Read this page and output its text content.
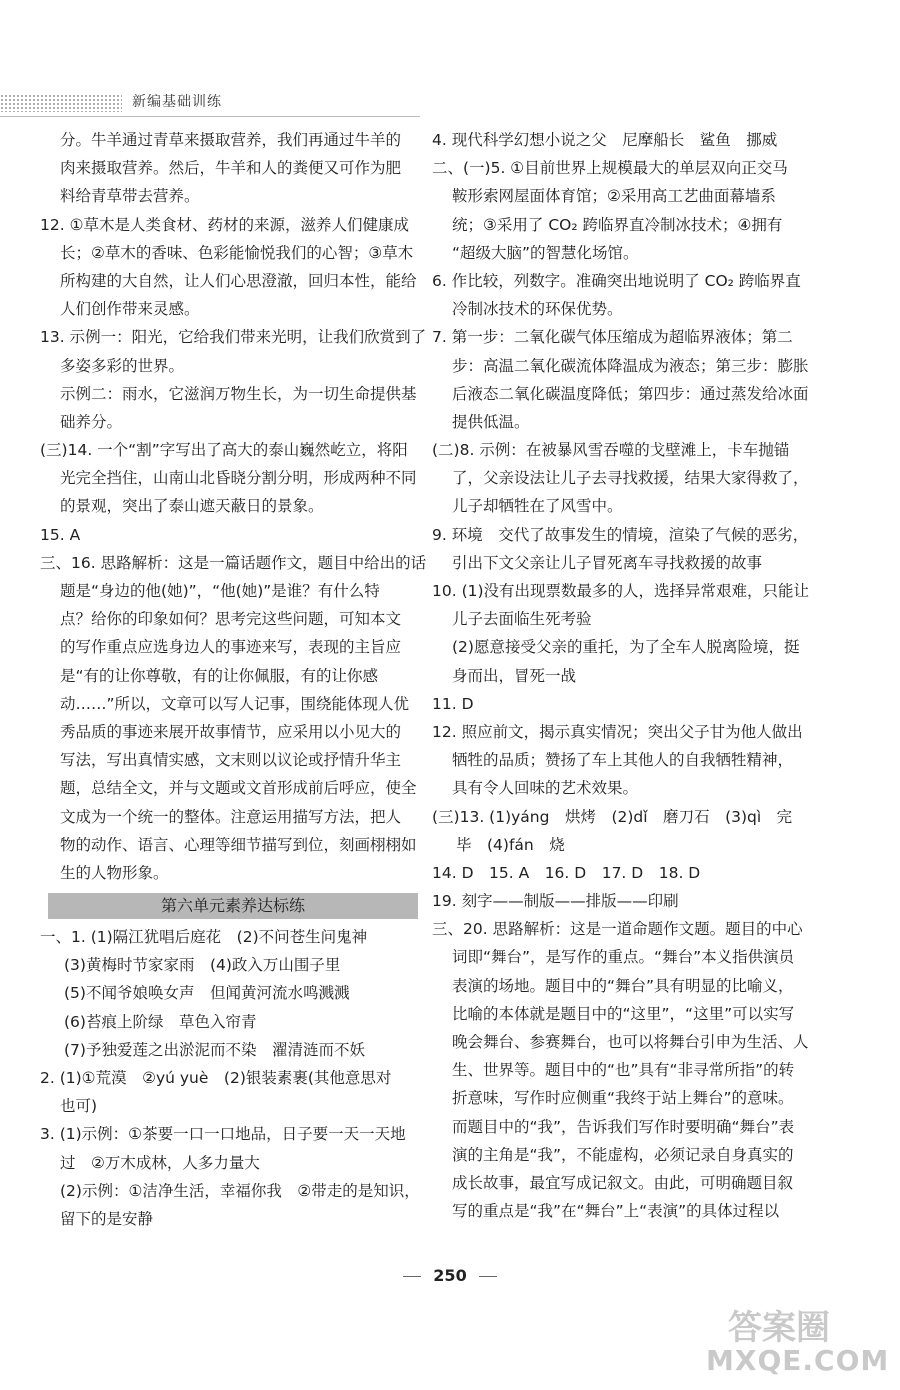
新编基础训练
分。牛羊通过青草来摄取营养，我们再通过牛羊的
肉来摄取营养。然后，牛羊和人的粪便又可作为肥
料给青草带去营养。
12. ①草木是人类食材、药材的来源，滋养人们健康成
长；②草木的香味、色彩能愉悦我们的心智；③草木
所构建的大自然，让人们心思澄澈，回归本性，能给
人们创作带来灵感。
13. 示例一：阳光，它给我们带来光明，让我们欣赏到了
多姿多彩的世界。
示例二：雨水，它滋润万物生长，为一切生命提供基
础养分。
(三)14. 一个“割”字写出了高大的泰山巍然屹立，将阳
光完全挡住，山南山北昏晓分割分明，形成两种不同
的景观，突出了泰山遮天蔽日的景象。
15. A
三、16. 思路解析：这是一篇话题作文，题目中给出的话
题是“身边的他(她)”，“他(她)”是谁？有什么特
点？给你的印象如何？思考完这些问题，可知本文
的写作重点应选身边人的事迹来写，表现的主旨应
是“有的让你尊敬，有的让你佩服，有的让你感
动……”所以，文章可以写人记事，围绕能体现人优
秀品质的事迹来展开故事情节，应采用以小见大的
写法，写出真情实感，文末则以议论或抒情升华主
题，总结全文，并与文题或文首形成前后呼应，使全
文成为一个统一的整体。注意运用描写方法，把人
物的动作、语言、心理等细节描写到位，刻画栩栩如
生的人物形象。
第六单元素养达标练
一、1. (1)隔江犹唱后庭花　(2)不问苍生问鬼神
(3)黄梅时节家家雨　(4)政入万山围子里
(5)不闻爷娘唤女声　但闻黄河流水鸣溅溅
(6)苔痕上阶绿　草色入帘青
(7)予独爱莲之出淤泥而不染　濯清涟而不妖
2. (1)①荒漠　②yú yuè　(2)银装素裹(其他意思对
也可)
3. (1)示例：①茶要一口一口地品，日子要一天一天地
过　②万木成林，人多力量大
(2)示例：①洁净生活，幸福你我　②带走的是知识，
留下的是安静
4. 现代科学幻想小说之父　尼摩船长　鲨鱼　挪威
二、(一)5. ①目前世界上规模最大的单层双向正交马
鞍形索网屋面体育馆；②采用高工艺曲面幕墙系
统；③采用了 CO₂ 跨临界直冷制冰技术；④拥有
“超级大脑”的智慧化场馆。
6. 作比较，列数字。准确突出地说明了 CO₂ 跨临界直
冷制冰技术的环保优势。
7. 第一步：二氧化碳气体压缩成为超临界液体；第二
步：高温二氧化碳流体降温成为液态；第三步：膨胀
后液态二氧化碳温度降低；第四步：通过蒸发给冰面
提供低温。
(二)8. 示例：在被暴风雪吞噬的戈壁滩上，卡车抛锚
了，父亲设法让儿子去寻找救援，结果大家得救了，
儿子却牺牲在了风雪中。
9. 环境　交代了故事发生的情境，渲染了气候的恶劣，
引出下文父亲让儿子冒死离车寻找救援的故事
10. (1)没有出现票数最多的人，选择异常艰难，只能让
儿子去面临生死考验
(2)愿意接受父亲的重托，为了全车人脱离险境，挺
身而出，冒死一战
11. D
12. 照应前文，揭示真实情况；突出父子甘为他人做出
牺牲的品质；赞扬了车上其他人的自我牺牲精神，
具有令人回味的艺术效果。
(三)13. (1)yáng　烘烤　(2)dǐ　磨刀石　(3)qì　完
毕　(4)fán　烧
14. D　15. A　16. D　17. D　18. D
19. 刻字——制版——排版——印刷
三、20. 思路解析：这是一道命题作文题。题目的中心
词即“舞台”，是写作的重点。“舞台”本义指供演员
表演的场地。题目中的“舞台”具有明显的比喻义，
比喻的本体就是题目中的“这里”，“这里”可以实写
晚会舞台、参赛舞台，也可以将舞台引申为生活、人
生、世界等。题目中的“也”具有“非寻常所指”的转
折意味，写作时应侧重“我终于站上舞台”的意味。
而题目中的“我”，告诉我们写作时要明确“舞台”表
演的主角是“我”，不能虚构，必须记录自身真实的
成长故事，最宜写成记叙文。由此，可明确题目叙
写的重点是“我”在“舞台”上“表演”的具体过程以
250
答案圈
MXQE.COM
